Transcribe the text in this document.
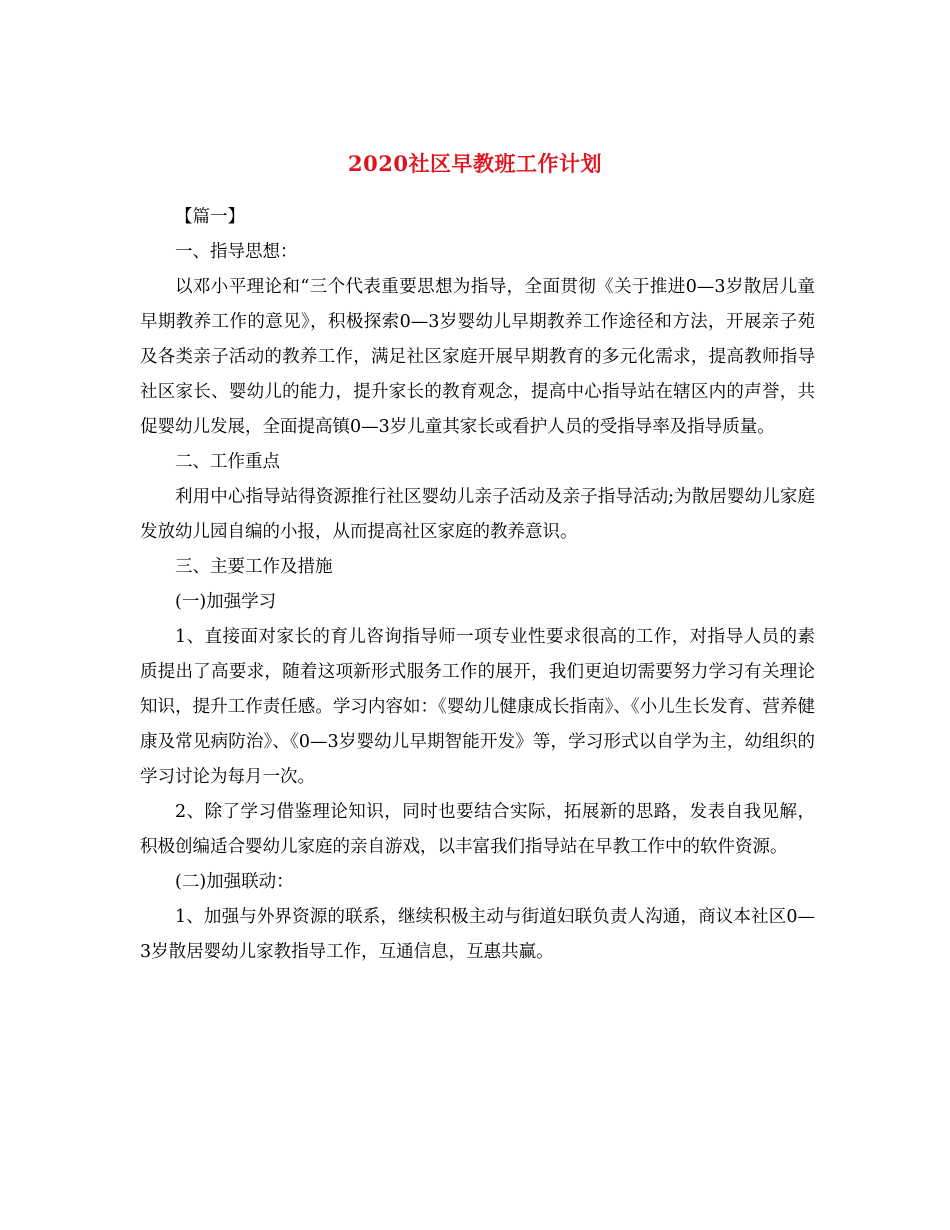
2020社区早教班工作计划

【篇一】

一、指导思想：

以邓小平理论和“三个代表重要思想为指导，全面贯彻《关于推进0—3岁散居儿童早期教养工作的意见》，积极探索0—3岁婴幼儿早期教养工作途径和方法，开展亲子苑及各类亲子活动的教养工作，满足社区家庭开展早期教育的多元化需求，提高教师指导社区家长、婴幼儿的能力，提升家长的教育观念，提高中心指导站在辖区内的声誉，共促婴幼儿发展，全面提高镇0—3岁儿童其家长或看护人员的受指导率及指导质量。

二、工作重点

利用中心指导站得资源推行社区婴幼儿亲子活动及亲子指导活动;为散居婴幼儿家庭发放幼儿园自编的小报，从而提高社区家庭的教养意识。

三、主要工作及措施

(一)加强学习

1、直接面对家长的育儿咨询指导师一项专业性要求很高的工作，对指导人员的素质提出了高要求，随着这项新形式服务工作的展开，我们更迫切需要努力学习有关理论知识，提升工作责任感。学习内容如：《婴幼儿健康成长指南》、《小儿生长发育、营养健康及常见病防治》、《0—3岁婴幼儿早期智能开发》等，学习形式以自学为主，幼组织的学习讨论为每月一次。

2、除了学习借鉴理论知识，同时也要结合实际，拓展新的思路，发表自我见解，积极创编适合婴幼儿家庭的亲自游戏，以丰富我们指导站在早教工作中的软件资源。

(二)加强联动：

1、加强与外界资源的联系，继续积极主动与街道妇联负责人沟通，商议本社区0—3岁散居婴幼儿家教指导工作，互通信息，互惠共赢。
